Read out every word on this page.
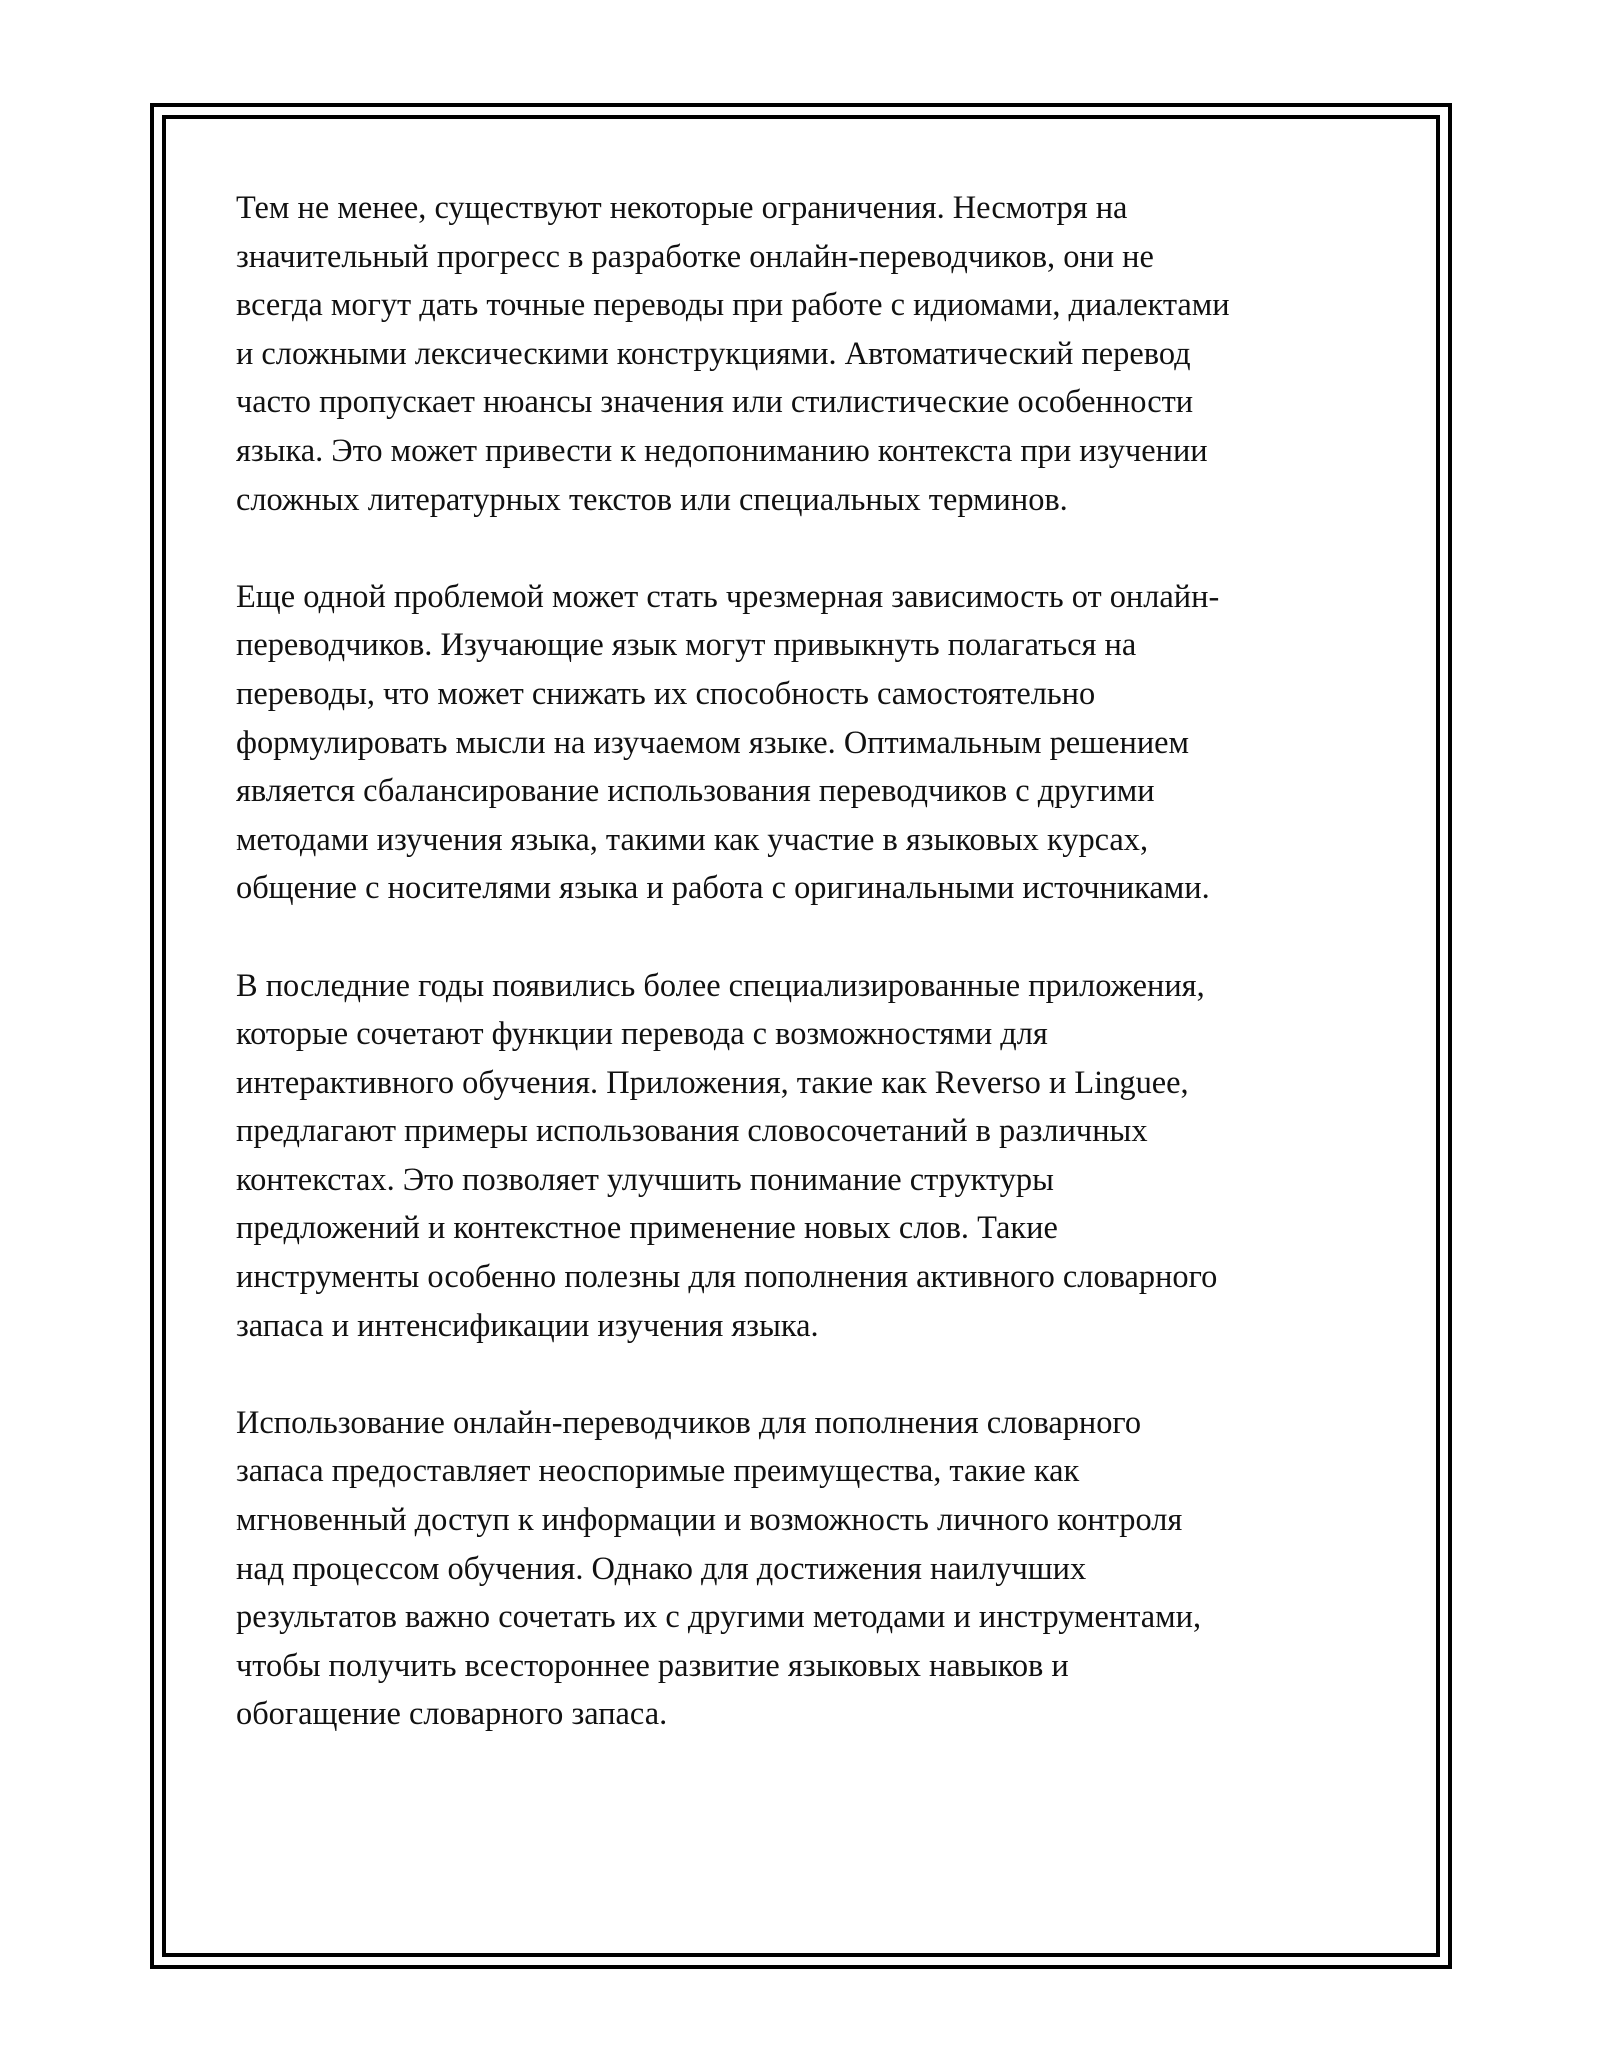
Тем не менее, существуют некоторые ограничения. Несмотря на
значительный прогресс в разработке онлайн-переводчиков, они не
всегда могут дать точные переводы при работе с идиомами, диалектами
и сложными лексическими конструкциями. Автоматический перевод
часто пропускает нюансы значения или стилистические особенности
языка. Это может привести к недопониманию контекста при изучении
сложных литературных текстов или специальных терминов.

Еще одной проблемой может стать чрезмерная зависимость от онлайн-
переводчиков. Изучающие язык могут привыкнуть полагаться на
переводы, что может снижать их способность самостоятельно
формулировать мысли на изучаемом языке. Оптимальным решением
является сбалансирование использования переводчиков с другими
методами изучения языка, такими как участие в языковых курсах,
общение с носителями языка и работа с оригинальными источниками.

В последние годы появились более специализированные приложения,
которые сочетают функции перевода с возможностями для
интерактивного обучения. Приложения, такие как Reverso и Linguee,
предлагают примеры использования словосочетаний в различных
контекстах. Это позволяет улучшить понимание структуры
предложений и контекстное применение новых слов. Такие
инструменты особенно полезны для пополнения активного словарного
запаса и интенсификации изучения языка.

Использование онлайн-переводчиков для пополнения словарного
запаса предоставляет неоспоримые преимущества, такие как
мгновенный доступ к информации и возможность личного контроля
над процессом обучения. Однако для достижения наилучших
результатов важно сочетать их с другими методами и инструментами,
чтобы получить всестороннее развитие языковых навыков и
обогащение словарного запаса.
